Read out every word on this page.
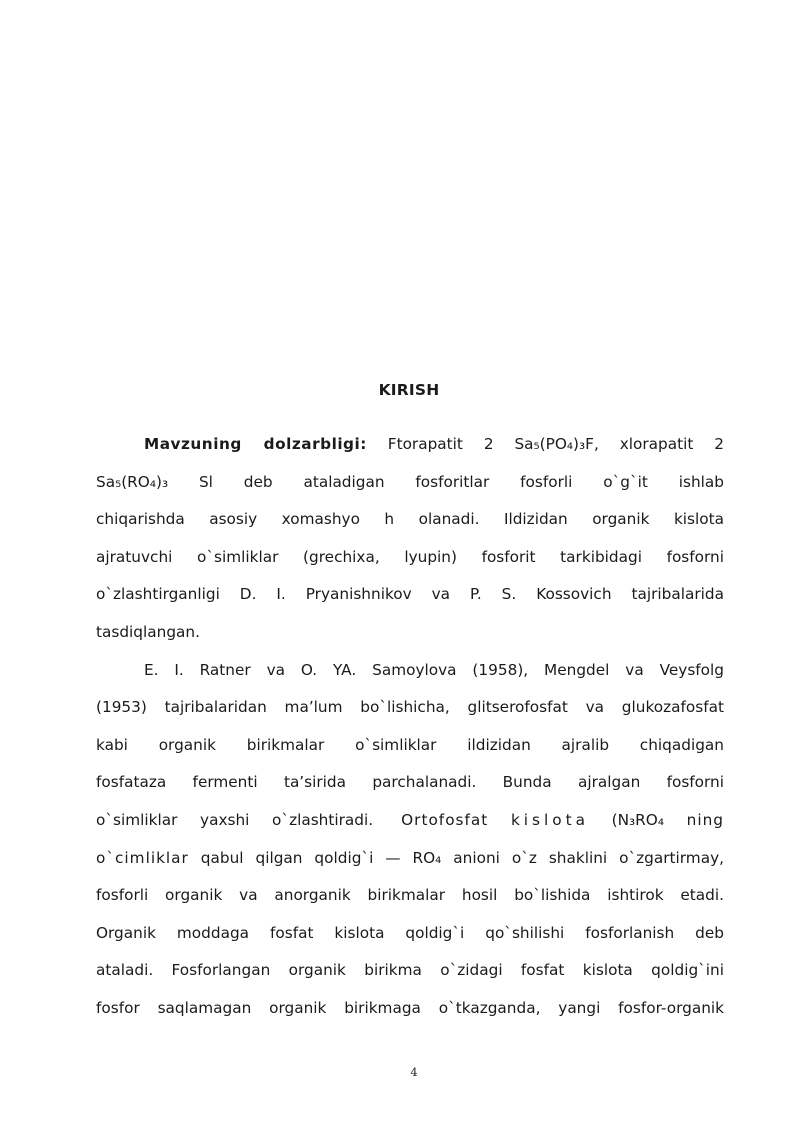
KIRISH
Mavzuning dolzarbligi: Ftorapatit 2 Sa₅(PO₄)₃F, xlorapatit 2
Sa₅(RO₄)₃ Sl deb ataladigan fosforitlar fosforli o`g`it ishlab
chiqarishda asosiy xomashyo h olanadi. Ildizidan organik kislota
ajratuvchi o`simliklar (grechixa, lyupin) fosforit tarkibidagi fosforni
o`zlashtirganligi D. I. Pryanishnikov va P. S. Kossovich tajribalarida
tasdiqlangan.
E. I. Ratner va O. YA. Samoylova (1958), Mengdel va Veysfolg
(1953) tajribalaridan ma’lum bo`lishicha, glitserofosfat va glukozafosfat
kabi organik birikmalar o`simliklar ildizidan ajralib chiqadigan
fosfataza fermenti ta’sirida parchalanadi. Bunda ajralgan fosforni
o`simliklar yaxshi o`zlashtiradi. Ortofosfat kislota (N₃RO₄ ning
o`cimliklar qabul qilgan qoldig`i — RO₄ anioni o`z shaklini o`zgartirmay,
fosforli organik va anorganik birikmalar hosil bo`lishida ishtirok etadi.
Organik moddaga fosfat kislota qoldig`i qo`shilishi fosforlanish deb
ataladi. Fosforlangan organik birikma o`zidagi fosfat kislota qoldig`ini
fosfor saqlamagan organik birikmaga o`tkazganda, yangi fosfor-organik
4
